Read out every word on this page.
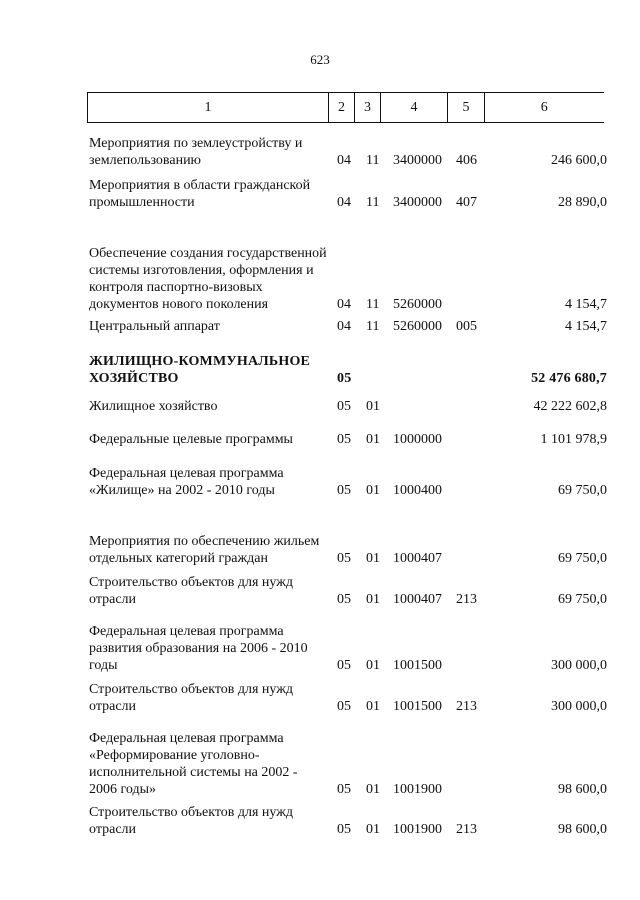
623
1	2	3	4	5	6
Мероприятия по землеустройству и землепользованию	04 11 3400000 406	246 600,0
Мероприятия в области гражданской промышленности	04 11 3400000 407	28 890,0
Обеспечение создания государственной системы изготовления, оформления и контроля паспортно-визовых документов нового поколения	04 11 5260000	4 154,7
Центральный аппарат	04 11 5260000 005	4 154,7
ЖИЛИЩНО-КОММУНАЛЬНОЕ ХОЗЯЙСТВО	05	52 476 680,7
Жилищное хозяйство	05 01	42 222 602,8
Федеральные целевые программы	05 01 1000000	1 101 978,9
Федеральная целевая программа «Жилище» на 2002 - 2010 годы	05 01 1000400	69 750,0
Мероприятия по обеспечению жильем отдельных категорий граждан	05 01 1000407	69 750,0
Строительство объектов для нужд отрасли	05 01 1000407 213	69 750,0
Федеральная целевая программа развития образования на 2006 - 2010 годы	05 01 1001500	300 000,0
Строительство объектов для нужд отрасли	05 01 1001500 213	300 000,0
Федеральная целевая программа «Реформирование уголовно-исполнительной системы на 2002 - 2006 годы»	05 01 1001900	98 600,0
Строительство объектов для нужд отрасли	05 01 1001900 213	98 600,0
